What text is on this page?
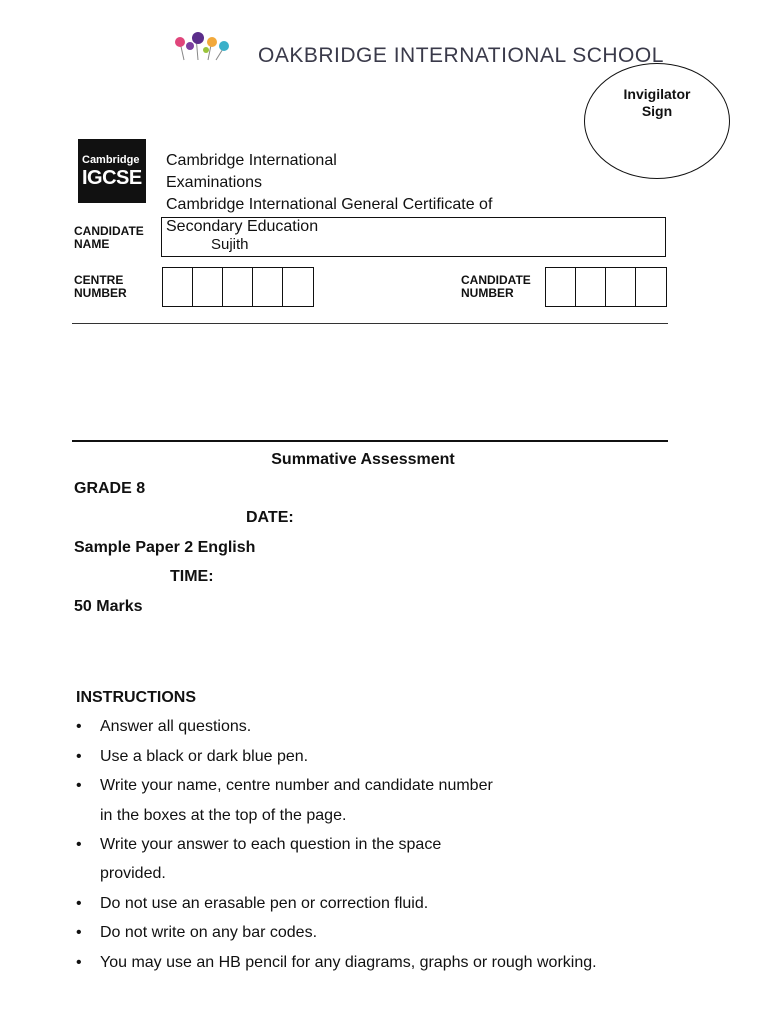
OAKBRIDGE INTERNATIONAL SCHOOL
Invigilator
Sign
Cambridge
IGCSE
Cambridge International
Examinations
Cambridge International General Certificate of
Secondary Education
CANDIDATE
NAME	Sujith
CENTRE
NUMBER
CANDIDATE
NUMBER
Summative Assessment
GRADE 8
DATE:
Sample Paper 2 English
TIME:
50 Marks
INSTRUCTIONS
• Answer all questions.
• Use a black or dark blue pen.
• Write your name, centre number and candidate number
in the boxes at the top of the page.
• Write your answer to each question in the space
provided.
• Do not use an erasable pen or correction fluid.
• Do not write on any bar codes.
• You may use an HB pencil for any diagrams, graphs or rough working.
